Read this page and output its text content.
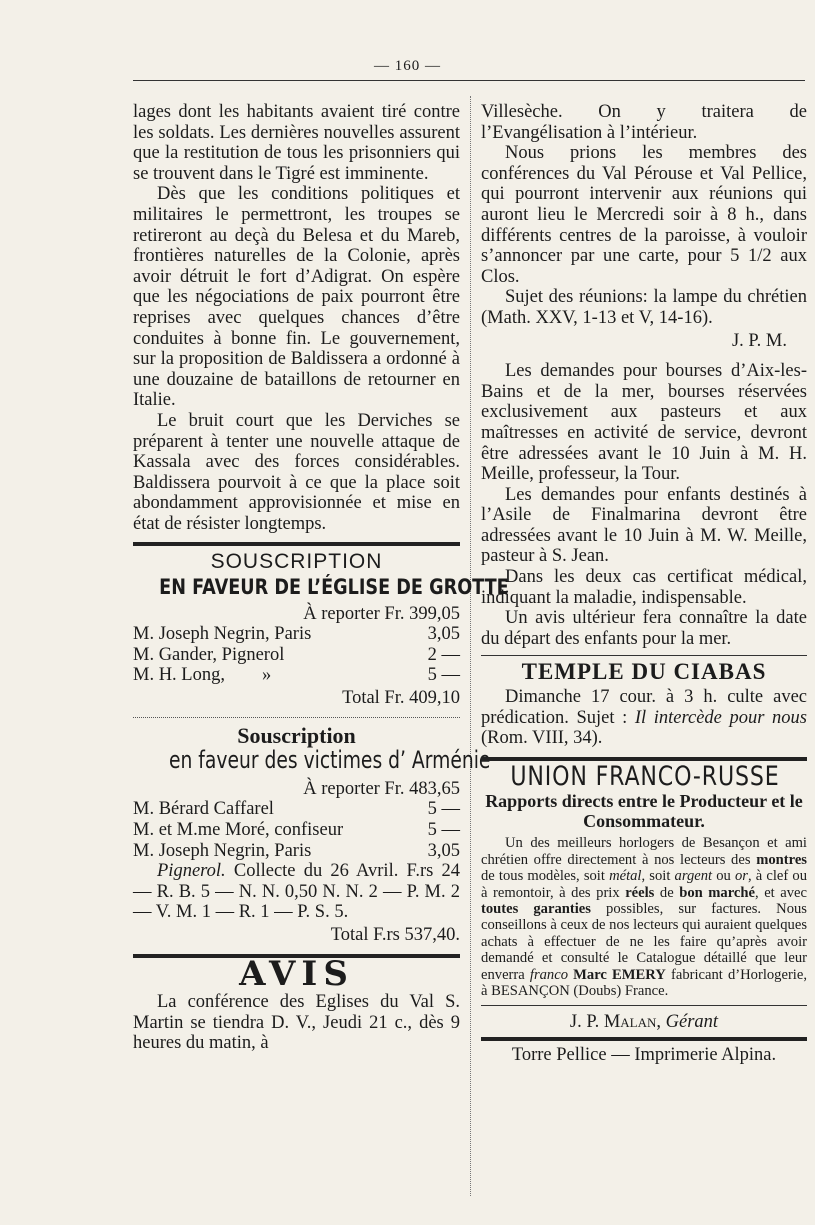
— 160 —

lages dont les habitants avaient tiré contre les soldats. Les dernières nouvelles assurent que la restitution de tous les prisonniers qui se trouvent dans le Tigré est imminente.

Dès que les conditions politiques et militaires le permettront, les troupes se retireront au deçà du Belesa et du Mareb, frontières naturelles de la Colonie, après avoir détruit le fort d’Adigrat. On espère que les négociations de paix pourront être reprises avec quelques chances d’être conduites à bonne fin. Le gouvernement, sur la proposition de Baldissera a ordonné à une douzaine de bataillons de retourner en Italie.

Le bruit court que les Derviches se préparent à tenter une nouvelle attaque de Kassala avec des forces considérables. Baldissera pourvoit à ce que la place soit abondamment approvisionnée et mise en état de résister longtemps.

SOUSCRIPTION
EN FAVEUR DE L’ÉGLISE DE GROTTE
À reporter Fr. 399,05
M. Joseph Negrin, Paris	3,05
M. Gander, Pignerol	2 —
M. H. Long,        »	5 —
Total Fr. 409,10
Souscription
en faveur des victimes d’ Arménie
À reporter Fr. 483,65
M. Bérard Caffarel	5 —
M. et M.me Moré, confiseur	5 —
M. Joseph Negrin, Paris	3,05

Pignerol. Collecte du 26 Avril. F.rs 24 — R. B. 5 — N. N. 0,50 N. N. 2 — P. M. 2 — V. M. 1 — R. 1 — P. S. 5.

Total F.rs 537,40.
AVIS

La conférence des Eglises du Val S. Martin se tiendra D. V., Jeudi 21 c., dès 9 heures du matin, à

Villesèche. On y traitera de l’Evangélisation à l’intérieur.

Nous prions les membres des conférences du Val Pérouse et Val Pellice, qui pourront intervenir aux réunions qui auront lieu le Mercredi soir à 8 h., dans différents centres de la paroisse, à vouloir s’annoncer par une carte, pour 5 1/2 aux Clos.

Sujet des réunions: la lampe du chrétien (Math. XXV, 1-13 et V, 14-16).

J. P. M.

Les demandes pour bourses d’Aix-les-Bains et de la mer, bourses réservées exclusivement aux pasteurs et aux maîtresses en activité de service, devront être adressées avant le 10 Juin à M. H. Meille, professeur, la Tour.

Les demandes pour enfants destinés à l’Asile de Finalmarina devront être adressées avant le 10 Juin à M. W. Meille, pasteur à S. Jean.

Dans les deux cas certificat médical, indiquant la maladie, indispensable.

Un avis ultérieur fera connaître la date du départ des enfants pour la mer.

TEMPLE DU CIABAS

Dimanche 17 cour. à 3 h. culte avec prédication. Sujet : Il intercède pour nous (Rom. VIII, 34).

UNION FRANCO-RUSSE
Rapports directs entre le Producteur et le Consommateur.

Un des meilleurs horlogers de Besançon et ami chrétien offre directement à nos lecteurs des montres de tous modèles, soit métal, soit argent ou or, à clef ou à remontoir, à des prix réels de bon marché, et avec toutes garanties possibles, sur factures. Nous conseillons à ceux de nos lecteurs qui auraient quelques achats à effectuer de ne les faire qu’après avoir demandé et consulté le Catalogue détaillé que leur enverra franco Marc EMERY fabricant d’Horlogerie, à BESANÇON (Doubs) France.

J. P. Malan, Gérant
Torre Pellice — Imprimerie Alpina.
